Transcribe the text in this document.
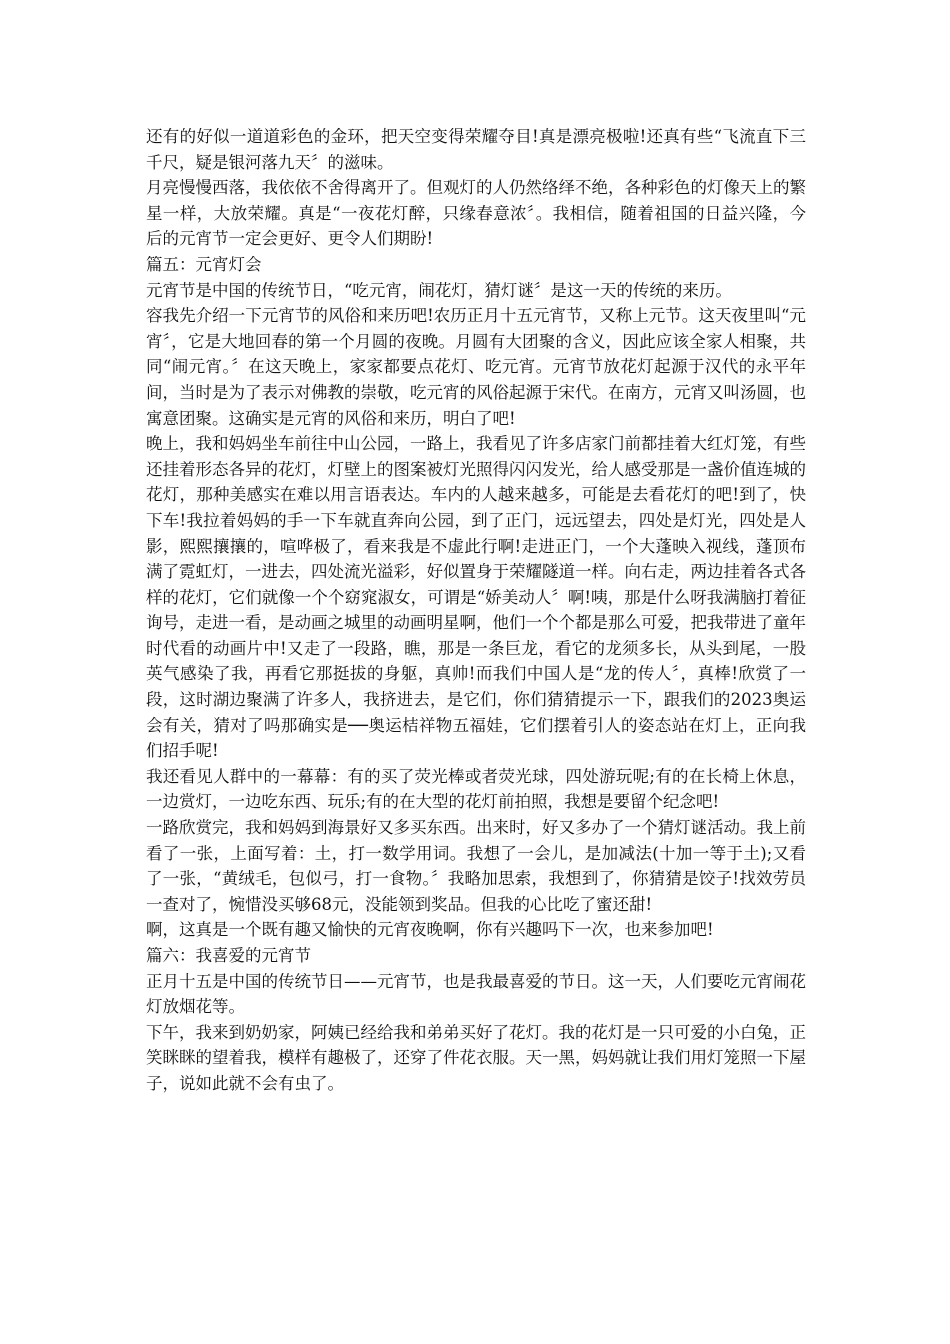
还有的好似一道道彩色的金环，把天空变得荣耀夺目!真是漂亮极啦!还真有些“飞流直下三千尺，疑是银河落九天〞的滋味。

月亮慢慢西落，我依依不舍得离开了。但观灯的人仍然络绎不绝，各种彩色的灯像天上的繁星一样，大放荣耀。真是“一夜花灯醉，只缘春意浓〞。我相信，随着祖国的日益兴隆，今后的元宵节一定会更好、更令人们期盼!

篇五：元宵灯会

元宵节是中国的传统节日，“吃元宵，闹花灯，猜灯谜〞是这一天的传统的来历。

容我先介绍一下元宵节的风俗和来历吧!农历正月十五元宵节，又称上元节。这天夜里叫“元宵〞，它是大地回春的第一个月圆的夜晚。月圆有大团聚的含义，因此应该全家人相聚，共同“闹元宵。〞在这天晚上，家家都要点花灯、吃元宵。元宵节放花灯起源于汉代的永平年间，当时是为了表示对佛教的崇敬，吃元宵的风俗起源于宋代。在南方，元宵又叫汤圆，也寓意团聚。这确实是元宵的风俗和来历，明白了吧!

晚上，我和妈妈坐车前往中山公园，一路上，我看见了许多店家门前都挂着大红灯笼，有些还挂着形态各异的花灯，灯壁上的图案被灯光照得闪闪发光，给人感受那是一盏价值连城的花灯，那种美感实在难以用言语表达。车内的人越来越多，可能是去看花灯的吧!到了，快下车!我拉着妈妈的手一下车就直奔向公园，到了正门，远远望去，四处是灯光，四处是人影，熙熙攘攘的，喧哗极了，看来我是不虚此行啊!走进正门，一个大蓬映入视线，蓬顶布满了霓虹灯，一进去，四处流光溢彩，好似置身于荣耀隧道一样。向右走，两边挂着各式各样的花灯，它们就像一个个窈窕淑女，可谓是“娇美动人〞啊!咦，那是什么呀我满脑打着征询号，走进一看，是动画之城里的动画明星啊，他们一个个都是那么可爱，把我带进了童年时代看的动画片中!又走了一段路，瞧，那是一条巨龙，看它的龙须多长，从头到尾，一股英气感染了我，再看它那挺拔的身躯，真帅!而我们中国人是“龙的传人〞，真棒!欣赏了一段，这时湖边聚满了许多人，我挤进去，是它们，你们猜猜提示一下，跟我们的2023奥运会有关，猜对了吗那确实是──奥运桔祥物五福娃，它们摆着引人的姿态站在灯上，正向我们招手呢!

我还看见人群中的一幕幕：有的买了荧光棒或者荧光球，四处游玩呢;有的在长椅上休息，一边赏灯，一边吃东西、玩乐;有的在大型的花灯前拍照，我想是要留个纪念吧!

一路欣赏完，我和妈妈到海景好又多买东西。出来时，好又多办了一个猜灯谜活动。我上前看了一张，上面写着：土，打一数学用词。我想了一会儿，是加减法(十加一等于土);又看了一张，“黄绒毛，包似弓，打一食物。〞我略加思索，我想到了，你猜猜是饺子!找效劳员一查对了，惋惜没买够68元，没能领到奖品。但我的心比吃了蜜还甜!

啊，这真是一个既有趣又愉快的元宵夜晚啊，你有兴趣吗下一次，也来参加吧!

篇六：我喜爱的元宵节

正月十五是中国的传统节日——元宵节，也是我最喜爱的节日。这一天，人们要吃元宵闹花灯放烟花等。

下午，我来到奶奶家，阿姨已经给我和弟弟买好了花灯。我的花灯是一只可爱的小白兔，正笑眯眯的望着我，模样有趣极了，还穿了件花衣服。天一黑，妈妈就让我们用灯笼照一下屋子，说如此就不会有虫了。
